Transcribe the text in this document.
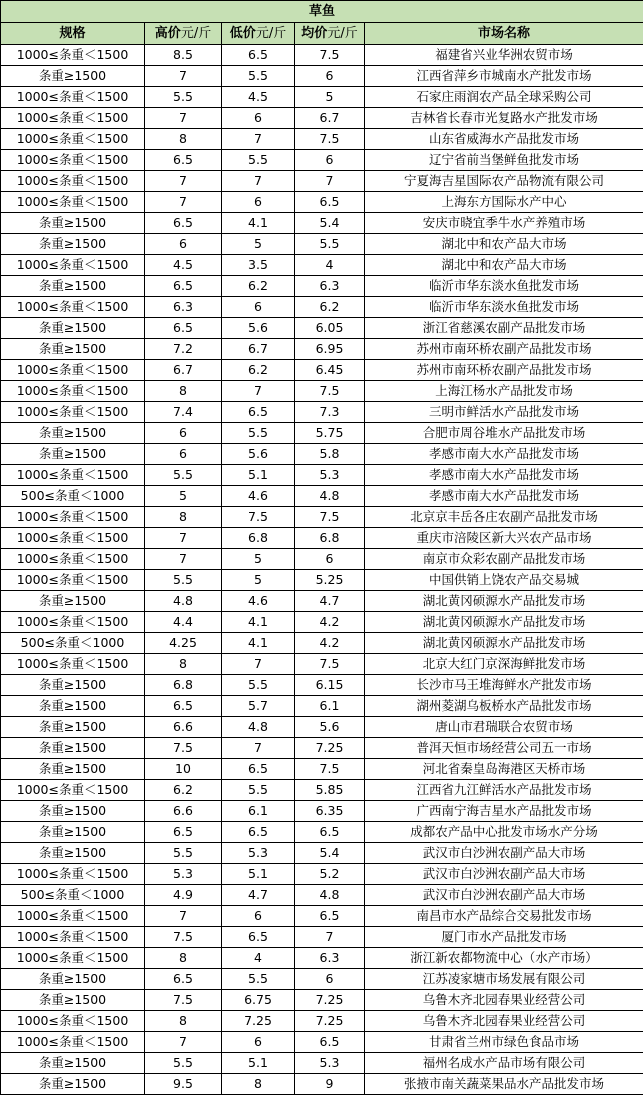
草鱼				
规格	高价元/斤	低价元/斤	均价元/斤	市场名称
1000≤条重＜1500	8.5	6.5	7.5	福建省兴业华洲农贸市场
条重≥1500	7	5.5	6	江西省萍乡市城南水产批发市场
1000≤条重＜1500	5.5	4.5	5	石家庄雨润农产品全球采购公司
1000≤条重＜1500	7	6	6.7	吉林省长春市光复路水产批发市场
1000≤条重＜1500	8	7	7.5	山东省威海水产品批发市场
1000≤条重＜1500	6.5	5.5	6	辽宁省前当堡鲜鱼批发市场
1000≤条重＜1500	7	7	7	宁夏海吉星国际农产品物流有限公司
1000≤条重＜1500	7	6	6.5	上海东方国际水产中心
条重≥1500	6.5	4.1	5.4	安庆市晓宜季牛水产养殖市场
条重≥1500	6	5	5.5	湖北中和农产品大市场
1000≤条重＜1500	4.5	3.5	4	湖北中和农产品大市场
条重≥1500	6.5	6.2	6.3	临沂市华东淡水鱼批发市场
1000≤条重＜1500	6.3	6	6.2	临沂市华东淡水鱼批发市场
条重≥1500	6.5	5.6	6.05	浙江省慈溪农副产品批发市场
条重≥1500	7.2	6.7	6.95	苏州市南环桥农副产品批发市场
1000≤条重＜1500	6.7	6.2	6.45	苏州市南环桥农副产品批发市场
1000≤条重＜1500	8	7	7.5	上海江杨水产品批发市场
1000≤条重＜1500	7.4	6.5	7.3	三明市鲜活水产品批发市场
条重≥1500	6	5.5	5.75	合肥市周谷堆水产品批发市场
条重≥1500	6	5.6	5.8	孝感市南大水产品批发市场
1000≤条重＜1500	5.5	5.1	5.3	孝感市南大水产品批发市场
500≤条重＜1000	5	4.6	4.8	孝感市南大水产品批发市场
1000≤条重＜1500	8	7.5	7.5	北京京丰岳各庄农副产品批发市场
1000≤条重＜1500	7	6.8	6.8	重庆市涪陵区新大兴农产品市场
1000≤条重＜1500	7	5	6	南京市众彩农副产品批发市场
1000≤条重＜1500	5.5	5	5.25	中国供销上饶农产品交易城
条重≥1500	4.8	4.6	4.7	湖北黄冈硕源水产品批发市场
1000≤条重＜1500	4.4	4.1	4.2	湖北黄冈硕源水产品批发市场
500≤条重＜1000	4.25	4.1	4.2	湖北黄冈硕源水产品批发市场
1000≤条重＜1500	8	7	7.5	北京大红门京深海鲜批发市场
条重≥1500	6.8	5.5	6.15	长沙市马王堆海鲜水产批发市场
条重≥1500	6.5	5.7	6.1	湖州菱湖乌板桥水产品批发市场
条重≥1500	6.6	4.8	5.6	唐山市君瑞联合农贸市场
条重≥1500	7.5	7	7.25	普洱天恒市场经营公司五一市场
条重≥1500	10	6.5	7.5	河北省秦皇岛海港区天桥市场
1000≤条重＜1500	6.2	5.5	5.85	江西省九江鲜活水产品批发市场
条重≥1500	6.6	6.1	6.35	广西南宁海吉星水产品批发市场
条重≥1500	6.5	6.5	6.5	成都农产品中心批发市场水产分场
条重≥1500	5.5	5.3	5.4	武汉市白沙洲农副产品大市场
1000≤条重＜1500	5.3	5.1	5.2	武汉市白沙洲农副产品大市场
500≤条重＜1000	4.9	4.7	4.8	武汉市白沙洲农副产品大市场
1000≤条重＜1500	7	6	6.5	南昌市水产品综合交易批发市场
1000≤条重＜1500	7.5	6.5	7	厦门市水产品批发市场
1000≤条重＜1500	8	4	6.3	浙江新农都物流中心（水产市场）
条重≥1500	6.5	5.5	6	江苏凌家塘市场发展有限公司
条重≥1500	7.5	6.75	7.25	乌鲁木齐北园春果业经营公司
1000≤条重＜1500	8	7.25	7.25	乌鲁木齐北园春果业经营公司
1000≤条重＜1500	7	6	6.5	甘肃省兰州市绿色食品市场
条重≥1500	5.5	5.1	5.3	福州名成水产品市场有限公司
条重≥1500	9.5	8	9	张掖市南关蔬菜果品水产品批发市场
